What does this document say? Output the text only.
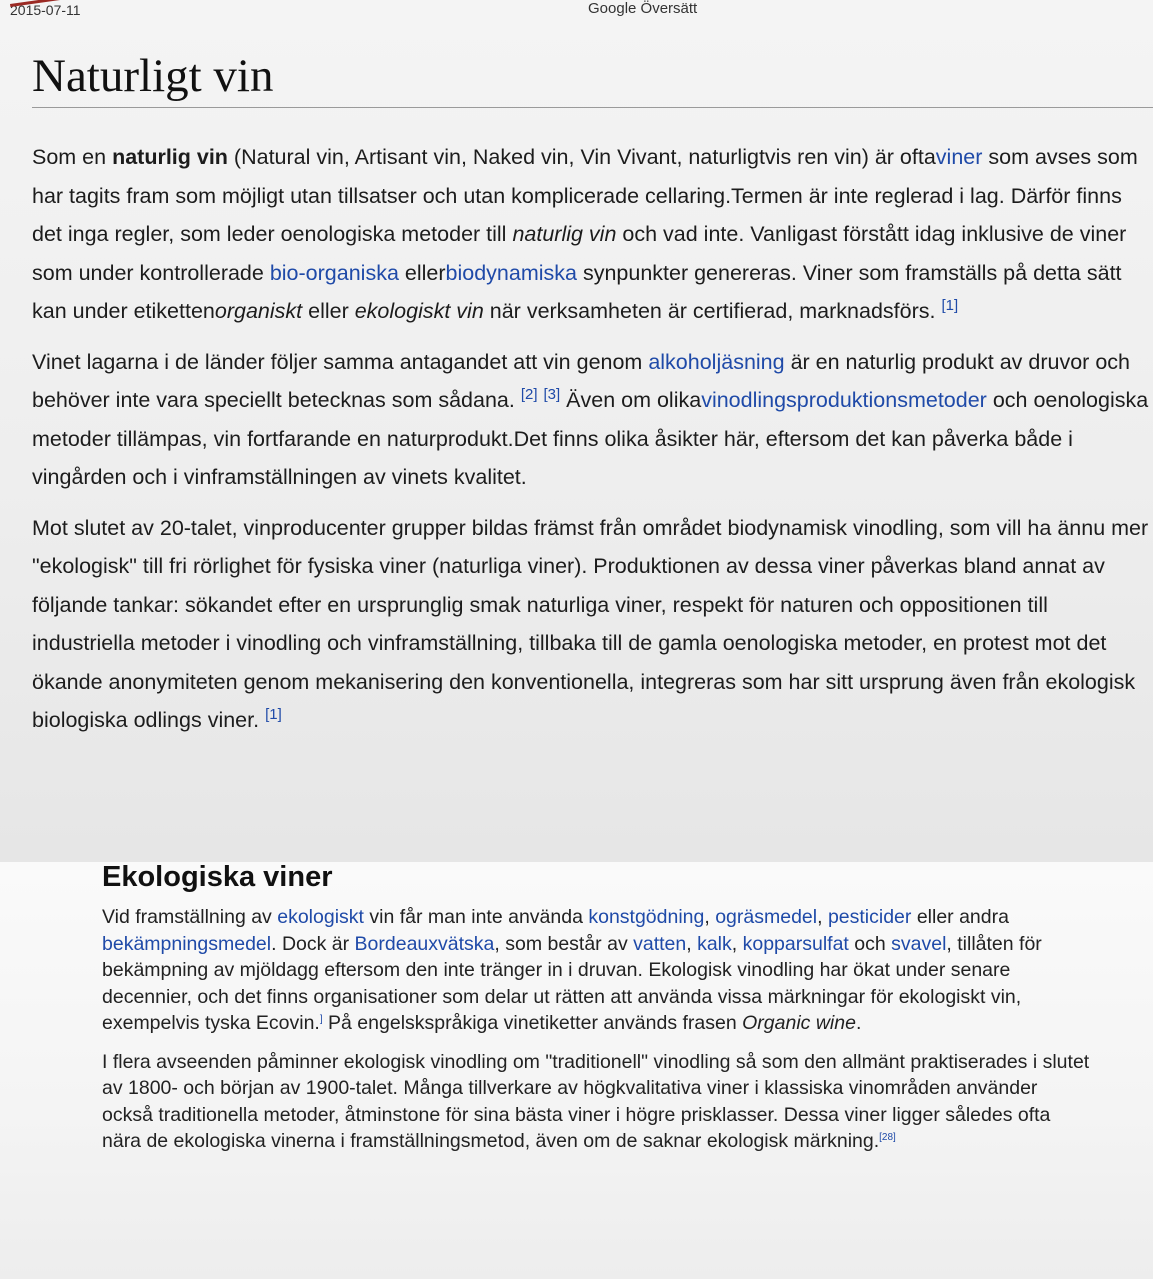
2015-07-11	Google Översätt
Naturligt vin

Som en naturlig vin (Natural vin, Artisant vin, Naked vin, Vin Vivant, naturligtvis ren vin) är oftaviner som avses som har tagits fram som möjligt utan tillsatser och utan komplicerade cellaring.Termen är inte reglerad i lag. Därför finns det inga regler, som leder oenologiska metoder till naturlig vin och vad inte. Vanligast förstått idag inklusive de viner som under kontrollerade bio-organiska ellerbiodynamiska synpunkter genereras. Viner som framställs på detta sätt kan under etikettenorganiskt eller ekologiskt vin när verksamheten är certifierad, marknadsförs. [1]

Vinet lagarna i de länder följer samma antagandet att vin genom alkoholjäsning är en naturlig produkt av druvor och behöver inte vara speciellt betecknas som sådana. [2] [3] Även om olikavinodlingsproduktionsmetoder och oenologiska metoder tillämpas, vin fortfarande en naturprodukt.Det finns olika åsikter här, eftersom det kan påverka både i vingården och i vinframställningen av vinets kvalitet.

Mot slutet av 20-talet, vinproducenter grupper bildas främst från området biodynamisk vinodling, som vill ha ännu mer "ekologisk" till fri rörlighet för fysiska viner (naturliga viner). Produktionen av dessa viner påverkas bland annat av följande tankar: sökandet efter en ursprunglig smak naturliga viner, respekt för naturen och oppositionen till industriella metoder i vinodling och vinframställning, tillbaka till de gamla oenologiska metoder, en protest mot det ökande anonymiteten genom mekanisering den konventionella, integreras som har sitt ursprung även från ekologisk biologiska odlings viner. [1]

Ekologiska viner

Vid framställning av ekologiskt vin får man inte använda konstgödning, ogräsmedel, pesticider eller andra bekämpningsmedel. Dock är Bordeauxvätska, som består av vatten, kalk, kopparsulfat och svavel, tillåten för bekämpning av mjöldagg eftersom den inte tränger in i druvan. Ekologisk vinodling har ökat under senare decennier, och det finns organisationer som delar ut rätten att använda vissa märkningar för ekologiskt vin, exempelvis tyska Ecovin.] På engelskspråkiga vinetiketter används frasen Organic wine.

I flera avseenden påminner ekologisk vinodling om "traditionell" vinodling så som den allmänt praktiserades i slutet av 1800- och början av 1900-talet. Många tillverkare av högkvalitativa viner i klassiska vinområden använder också traditionella metoder, åtminstone för sina bästa viner i högre prisklasser. Dessa viner ligger således ofta nära de ekologiska vinerna i framställningsmetod, även om de saknar ekologisk märkning.[28]
